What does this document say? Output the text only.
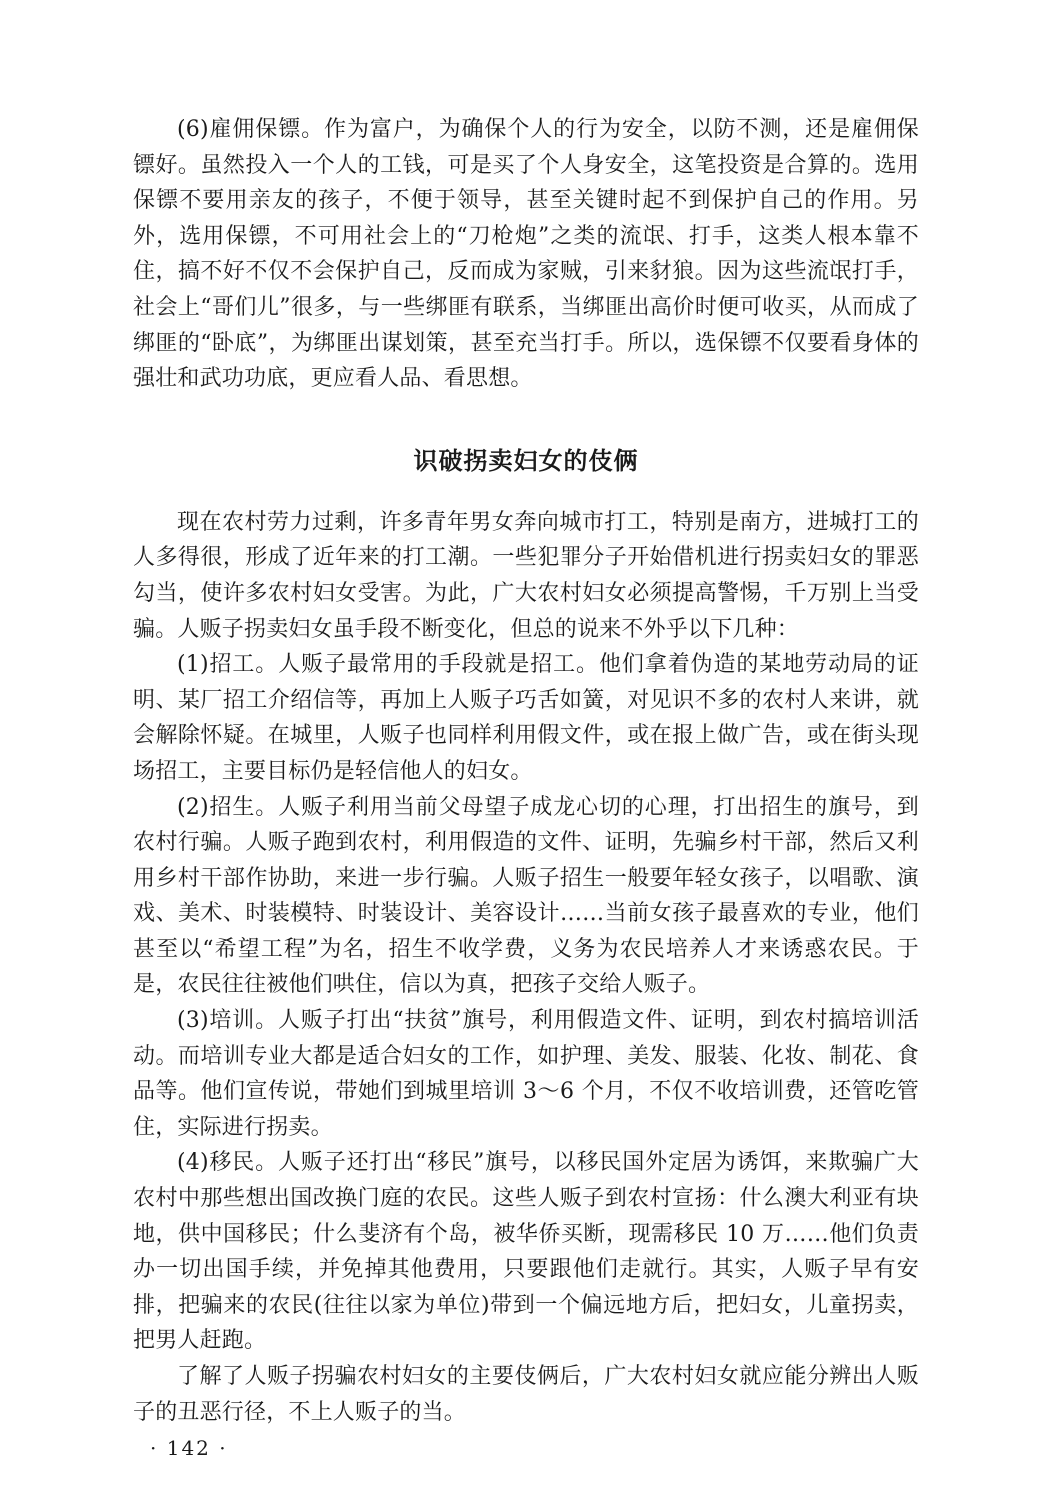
(6)雇佣保镖。作为富户，为确保个人的行为安全，以防不测，还是雇佣保镖好。虽然投入一个人的工钱，可是买了个人身安全，这笔投资是合算的。选用保镖不要用亲友的孩子，不便于领导，甚至关键时起不到保护自己的作用。另外，选用保镖，不可用社会上的“刀枪炮”之类的流氓、打手，这类人根本靠不住，搞不好不仅不会保护自己，反而成为家贼，引来豺狼。因为这些流氓打手，社会上“哥们儿”很多，与一些绑匪有联系，当绑匪出高价时便可收买，从而成了绑匪的“卧底”，为绑匪出谋划策，甚至充当打手。所以，选保镖不仅要看身体的强壮和武功功底，更应看人品、看思想。

识破拐卖妇女的伎俩

现在农村劳力过剩，许多青年男女奔向城市打工，特别是南方，进城打工的人多得很，形成了近年来的打工潮。一些犯罪分子开始借机进行拐卖妇女的罪恶勾当，使许多农村妇女受害。为此，广大农村妇女必须提高警惕，千万别上当受骗。人贩子拐卖妇女虽手段不断变化，但总的说来不外乎以下几种：

(1)招工。人贩子最常用的手段就是招工。他们拿着伪造的某地劳动局的证明、某厂招工介绍信等，再加上人贩子巧舌如簧，对见识不多的农村人来讲，就会解除怀疑。在城里，人贩子也同样利用假文件，或在报上做广告，或在街头现场招工，主要目标仍是轻信他人的妇女。

(2)招生。人贩子利用当前父母望子成龙心切的心理，打出招生的旗号，到农村行骗。人贩子跑到农村，利用假造的文件、证明，先骗乡村干部，然后又利用乡村干部作协助，来进一步行骗。人贩子招生一般要年轻女孩子，以唱歌、演戏、美术、时装模特、时装设计、美容设计……当前女孩子最喜欢的专业，他们甚至以“希望工程”为名，招生不收学费，义务为农民培养人才来诱惑农民。于是，农民往往被他们哄住，信以为真，把孩子交给人贩子。

(3)培训。人贩子打出“扶贫”旗号，利用假造文件、证明，到农村搞培训活动。而培训专业大都是适合妇女的工作，如护理、美发、服装、化妆、制花、食品等。他们宣传说，带她们到城里培训 3～6 个月，不仅不收培训费，还管吃管住，实际进行拐卖。

(4)移民。人贩子还打出“移民”旗号，以移民国外定居为诱饵，来欺骗广大农村中那些想出国改换门庭的农民。这些人贩子到农村宣扬：什么澳大利亚有块地，供中国移民；什么斐济有个岛，被华侨买断，现需移民 10 万……他们负责办一切出国手续，并免掉其他费用，只要跟他们走就行。其实，人贩子早有安排，把骗来的农民(往往以家为单位)带到一个偏远地方后，把妇女，儿童拐卖，把男人赶跑。

了解了人贩子拐骗农村妇女的主要伎俩后，广大农村妇女就应能分辨出人贩子的丑恶行径，不上人贩子的当。

· 142 ·
